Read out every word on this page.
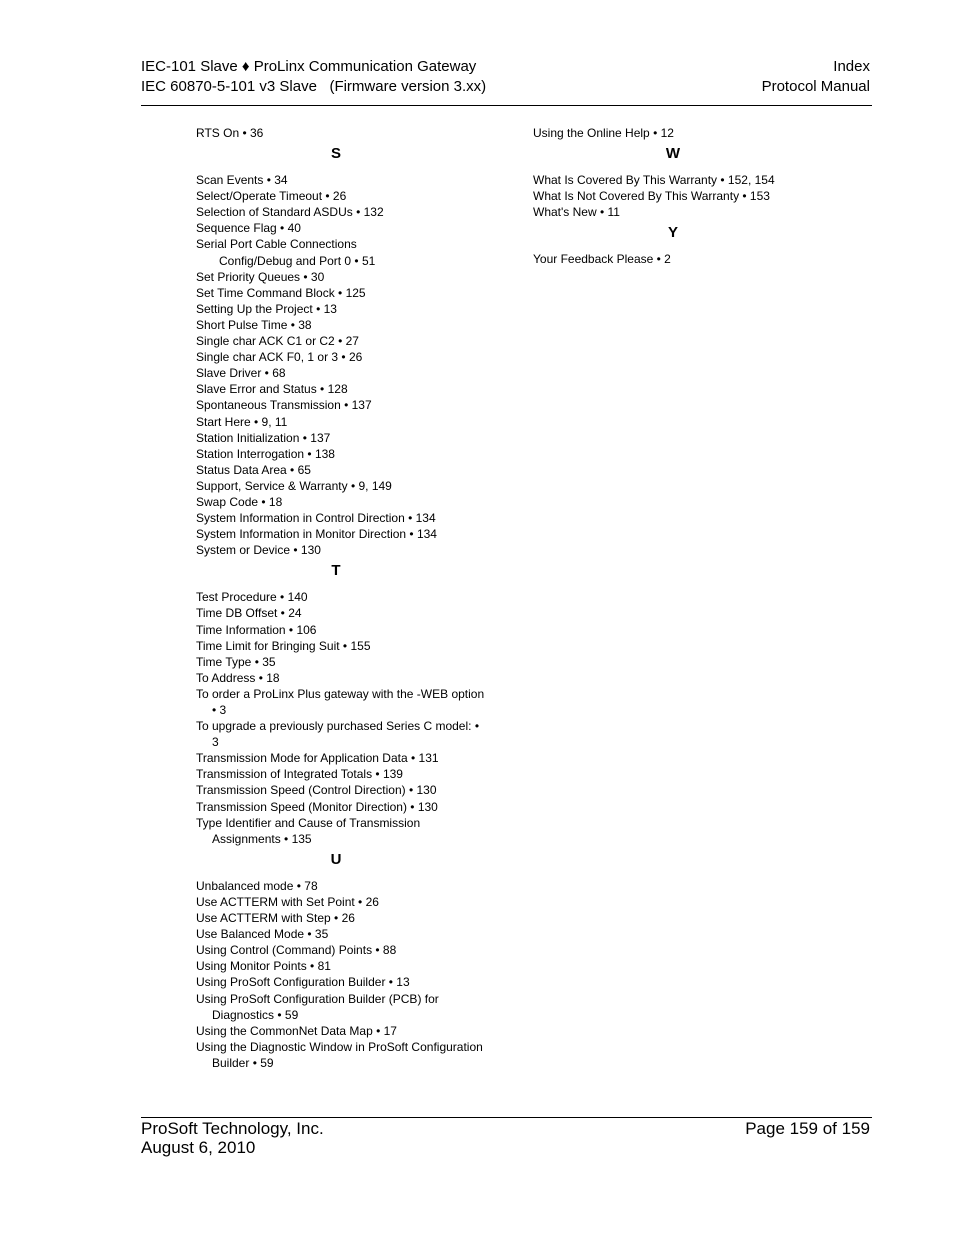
IEC-101 Slave ♦ ProLinx Communication Gateway
IEC 60870-5-101 v3 Slave   (Firmware version 3.xx)
Index
Protocol Manual
RTS On • 36
S
Scan Events • 34
Select/Operate Timeout • 26
Selection of Standard ASDUs • 132
Sequence Flag • 40
Serial Port Cable Connections
Config/Debug and Port 0 • 51
Set Priority Queues • 30
Set Time Command Block • 125
Setting Up the Project • 13
Short Pulse Time • 38
Single char ACK C1 or C2 • 27
Single char ACK F0, 1 or 3 • 26
Slave Driver • 68
Slave Error and Status • 128
Spontaneous Transmission • 137
Start Here • 9, 11
Station Initialization • 137
Station Interrogation • 138
Status Data Area • 65
Support, Service & Warranty • 9, 149
Swap Code • 18
System Information in Control Direction • 134
System Information in Monitor Direction • 134
System or Device • 130
T
Test Procedure • 140
Time DB Offset • 24
Time Information • 106
Time Limit for Bringing Suit • 155
Time Type • 35
To Address • 18
To order a ProLinx Plus gateway with the -WEB option
• 3
To upgrade a previously purchased Series C model: •
3
Transmission Mode for Application Data • 131
Transmission of Integrated Totals • 139
Transmission Speed (Control Direction) • 130
Transmission Speed (Monitor Direction) • 130
Type Identifier and Cause of Transmission
Assignments • 135
U
Unbalanced mode • 78
Use ACTTERM with Set Point • 26
Use ACTTERM with Step • 26
Use Balanced Mode • 35
Using Control (Command) Points • 88
Using Monitor Points • 81
Using ProSoft Configuration Builder • 13
Using ProSoft Configuration Builder (PCB) for
Diagnostics • 59
Using the CommonNet Data Map • 17
Using the Diagnostic Window in ProSoft Configuration
Builder • 59
Using the Online Help • 12
W
What Is Covered By This Warranty • 152, 154
What Is Not Covered By This Warranty • 153
What's New • 11
Y
Your Feedback Please • 2
ProSoft Technology, Inc.
August 6, 2010
Page 159 of 159
